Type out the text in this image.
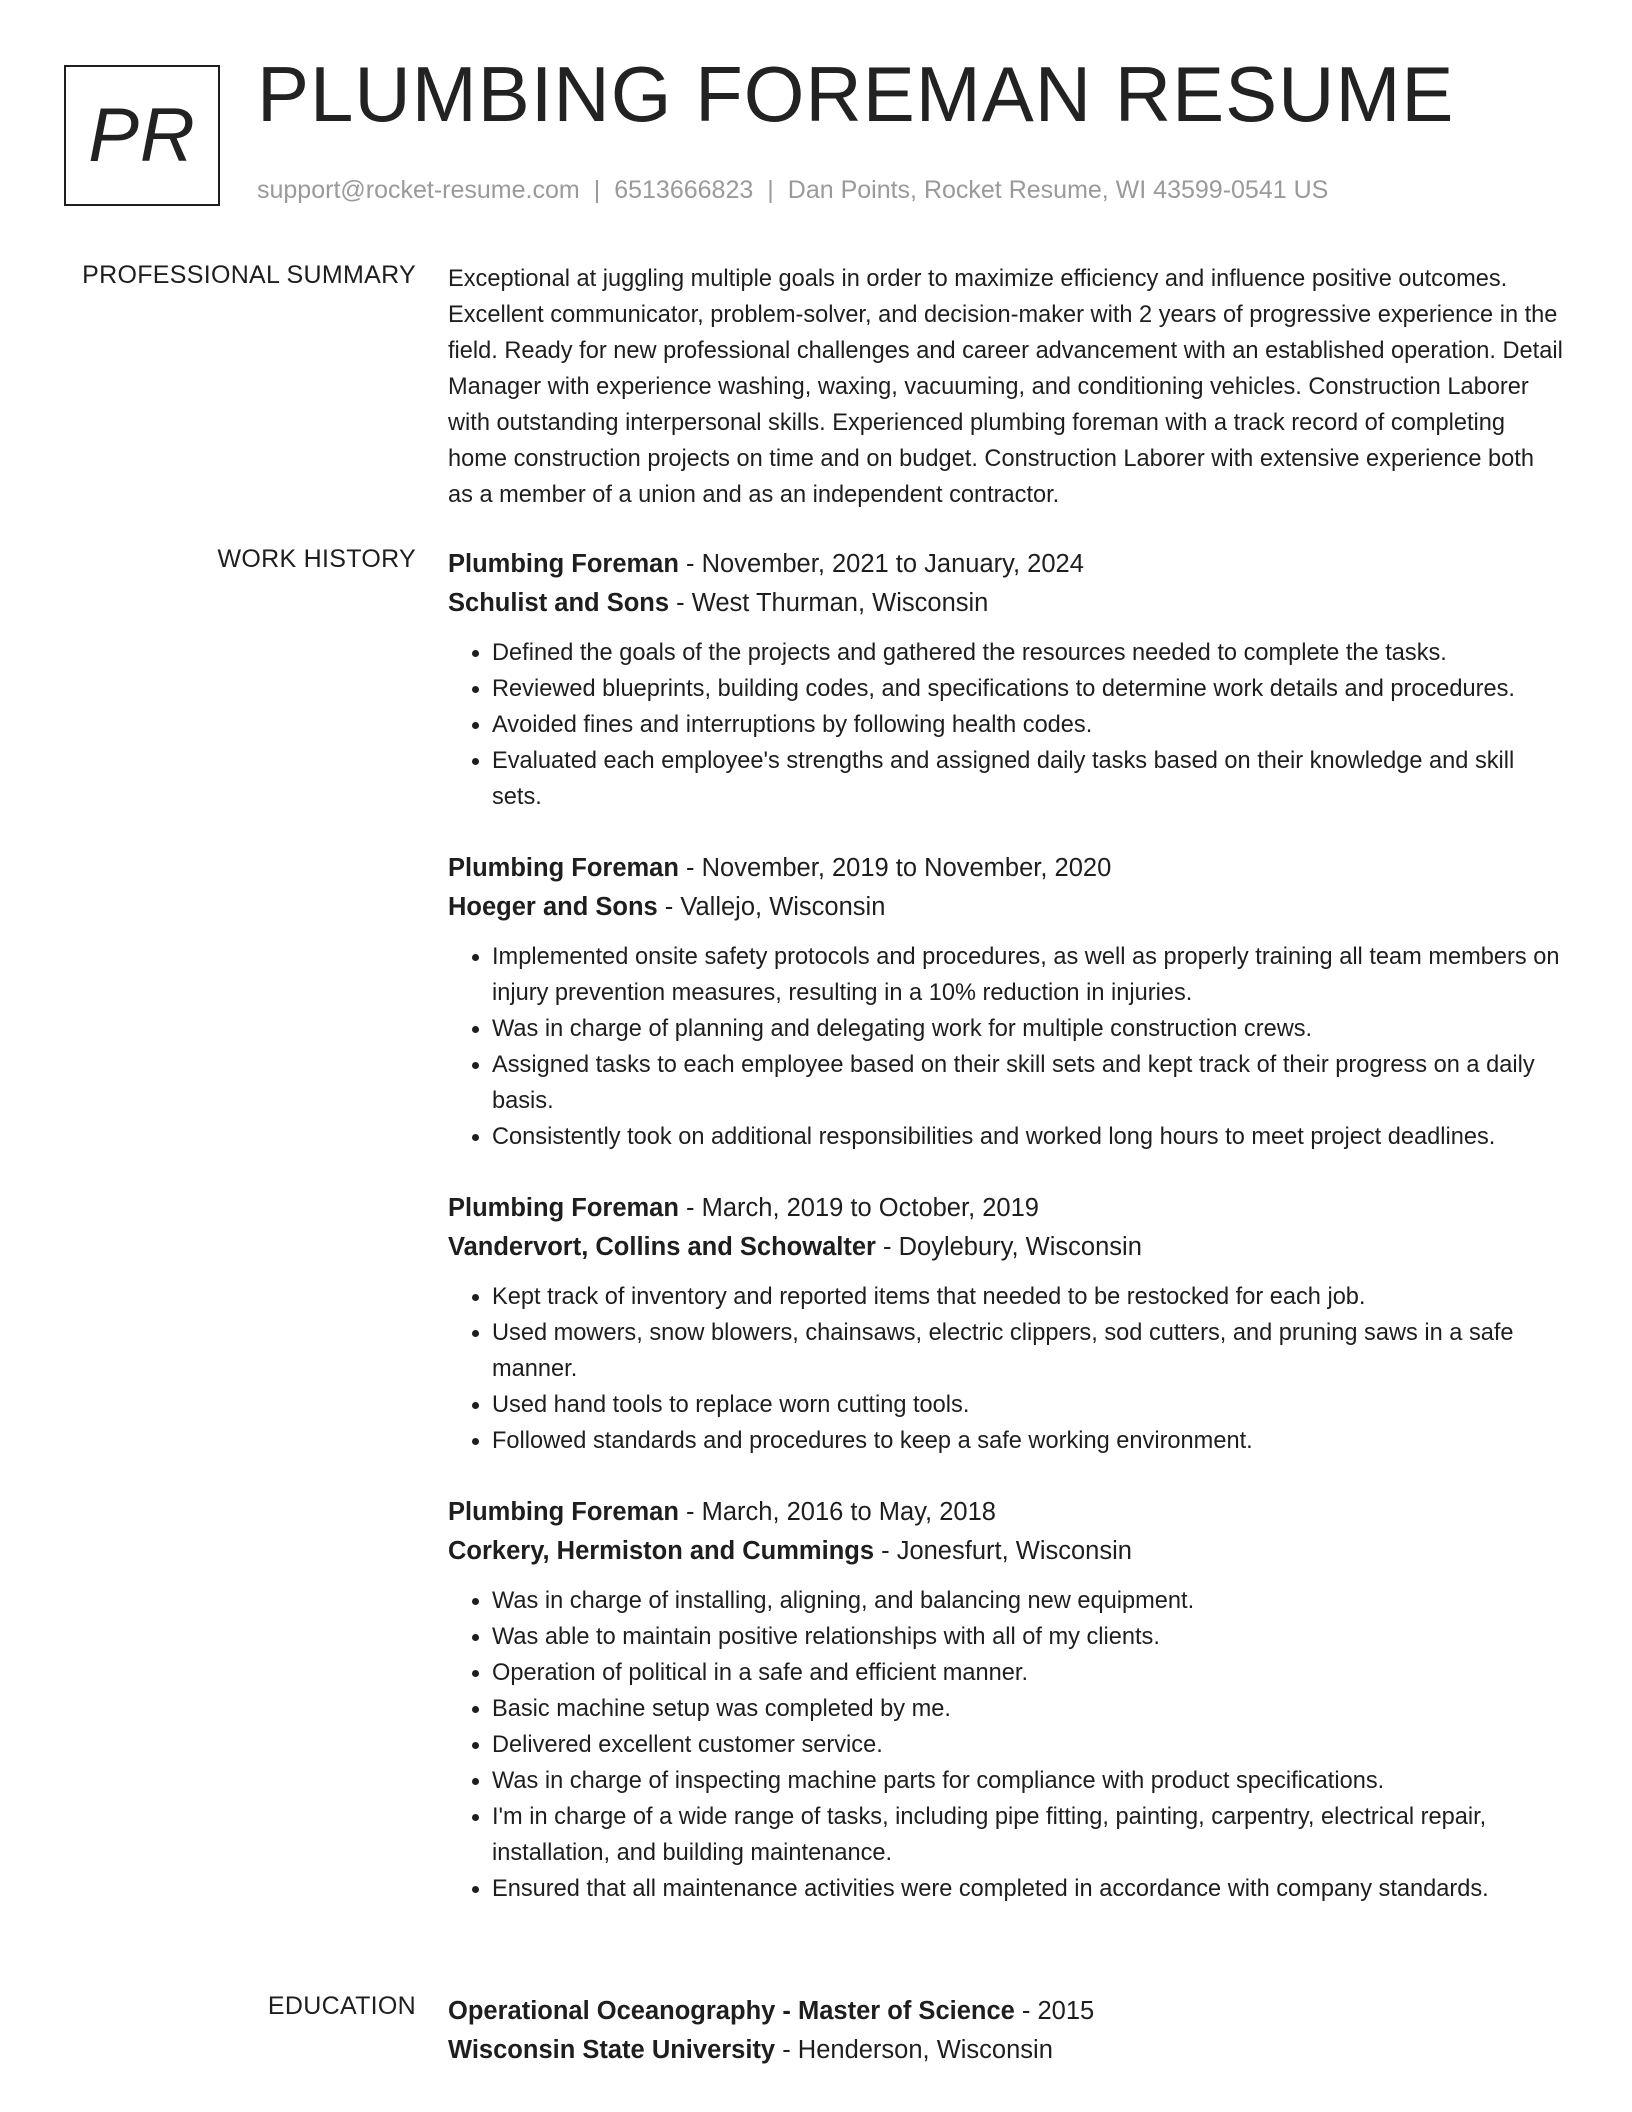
PR PLUMBING FOREMAN RESUME
support@rocket-resume.com | 6513666823 | Dan Points, Rocket Resume, WI 43599-0541 US
PROFESSIONAL SUMMARY Exceptional at juggling multiple goals in order to maximize efficiency and influence positive outcomes. Excellent communicator, problem-solver, and decision-maker with 2 years of progressive experience in the field. Ready for new professional challenges and career advancement with an established operation. Detail Manager with experience washing, waxing, vacuuming, and conditioning vehicles. Construction Laborer with outstanding interpersonal skills. Experienced plumbing foreman with a track record of completing home construction projects on time and on budget. Construction Laborer with extensive experience both as a member of a union and as an independent contractor.

WORK HISTORY Plumbing Foreman - November, 2021 to January, 2024
Schulist and Sons - West Thurman, Wisconsin
• Defined the goals of the projects and gathered the resources needed to complete the tasks.
• Reviewed blueprints, building codes, and specifications to determine work details and procedures.
• Avoided fines and interruptions by following health codes.
• Evaluated each employee's strengths and assigned daily tasks based on their knowledge and skill sets.
Plumbing Foreman - November, 2019 to November, 2020
Hoeger and Sons - Vallejo, Wisconsin
• Implemented onsite safety protocols and procedures, as well as properly training all team members on injury prevention measures, resulting in a 10% reduction in injuries.
• Was in charge of planning and delegating work for multiple construction crews.
• Assigned tasks to each employee based on their skill sets and kept track of their progress on a daily basis.
• Consistently took on additional responsibilities and worked long hours to meet project deadlines.
Plumbing Foreman - March, 2019 to October, 2019
Vandervort, Collins and Schowalter - Doylebury, Wisconsin
• Kept track of inventory and reported items that needed to be restocked for each job.
• Used mowers, snow blowers, chainsaws, electric clippers, sod cutters, and pruning saws in a safe manner.
• Used hand tools to replace worn cutting tools.
• Followed standards and procedures to keep a safe working environment.
Plumbing Foreman - March, 2016 to May, 2018
Corkery, Hermiston and Cummings - Jonesfurt, Wisconsin
• Was in charge of installing, aligning, and balancing new equipment.
• Was able to maintain positive relationships with all of my clients.
• Operation of political in a safe and efficient manner.
• Basic machine setup was completed by me.
• Delivered excellent customer service.
• Was in charge of inspecting machine parts for compliance with product specifications.
• I'm in charge of a wide range of tasks, including pipe fitting, painting, carpentry, electrical repair, installation, and building maintenance.
• Ensured that all maintenance activities were completed in accordance with company standards.
EDUCATION Operational Oceanography - Master of Science - 2015
Wisconsin State University - Henderson, Wisconsin
